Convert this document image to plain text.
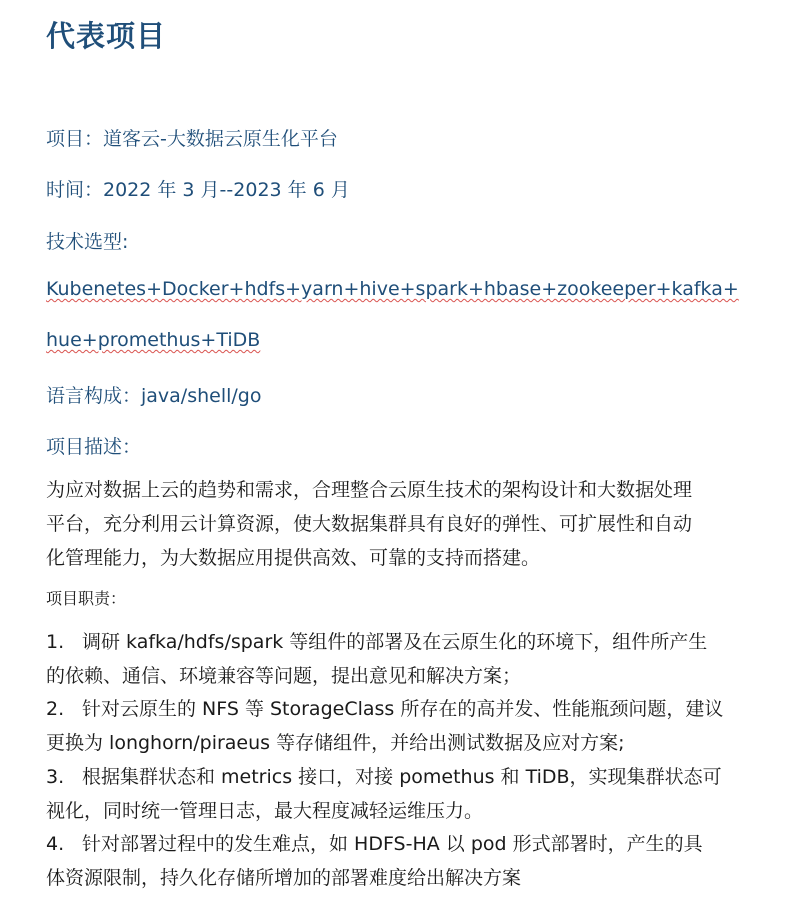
代表项目
项目：道客云-大数据云原生化平台
时间：2022 年 3 月--2023 年 6 月
技术选型:
Kubenetes+Docker+hdfs+yarn+hive+spark+hbase+zookeeper+kafka+
hue+promethus+TiDB
语言构成：java/shell/go
项目描述：
为应对数据上云的趋势和需求，合理整合云原生技术的架构设计和大数据处理
平台，充分利用云计算资源，使大数据集群具有良好的弹性、可扩展性和自动
化管理能力，为大数据应用提供高效、可靠的支持而搭建。
项目职责：
1. 调研 kafka/hdfs/spark 等组件的部署及在云原生化的环境下，组件所产生
的依赖、通信、环境兼容等问题，提出意见和解决方案；
2. 针对云原生的 NFS 等 StorageClass 所存在的高并发、性能瓶颈问题，建议
更换为 longhorn/piraeus 等存储组件，并给出测试数据及应对方案;
3. 根据集群状态和 metrics 接口，对接 pomethus 和 TiDB，实现集群状态可
视化，同时统一管理日志，最大程度减轻运维压力。
4. 针对部署过程中的发生难点，如 HDFS-HA 以 pod 形式部署时，产生的具
体资源限制，持久化存储所增加的部署难度给出解决方案
